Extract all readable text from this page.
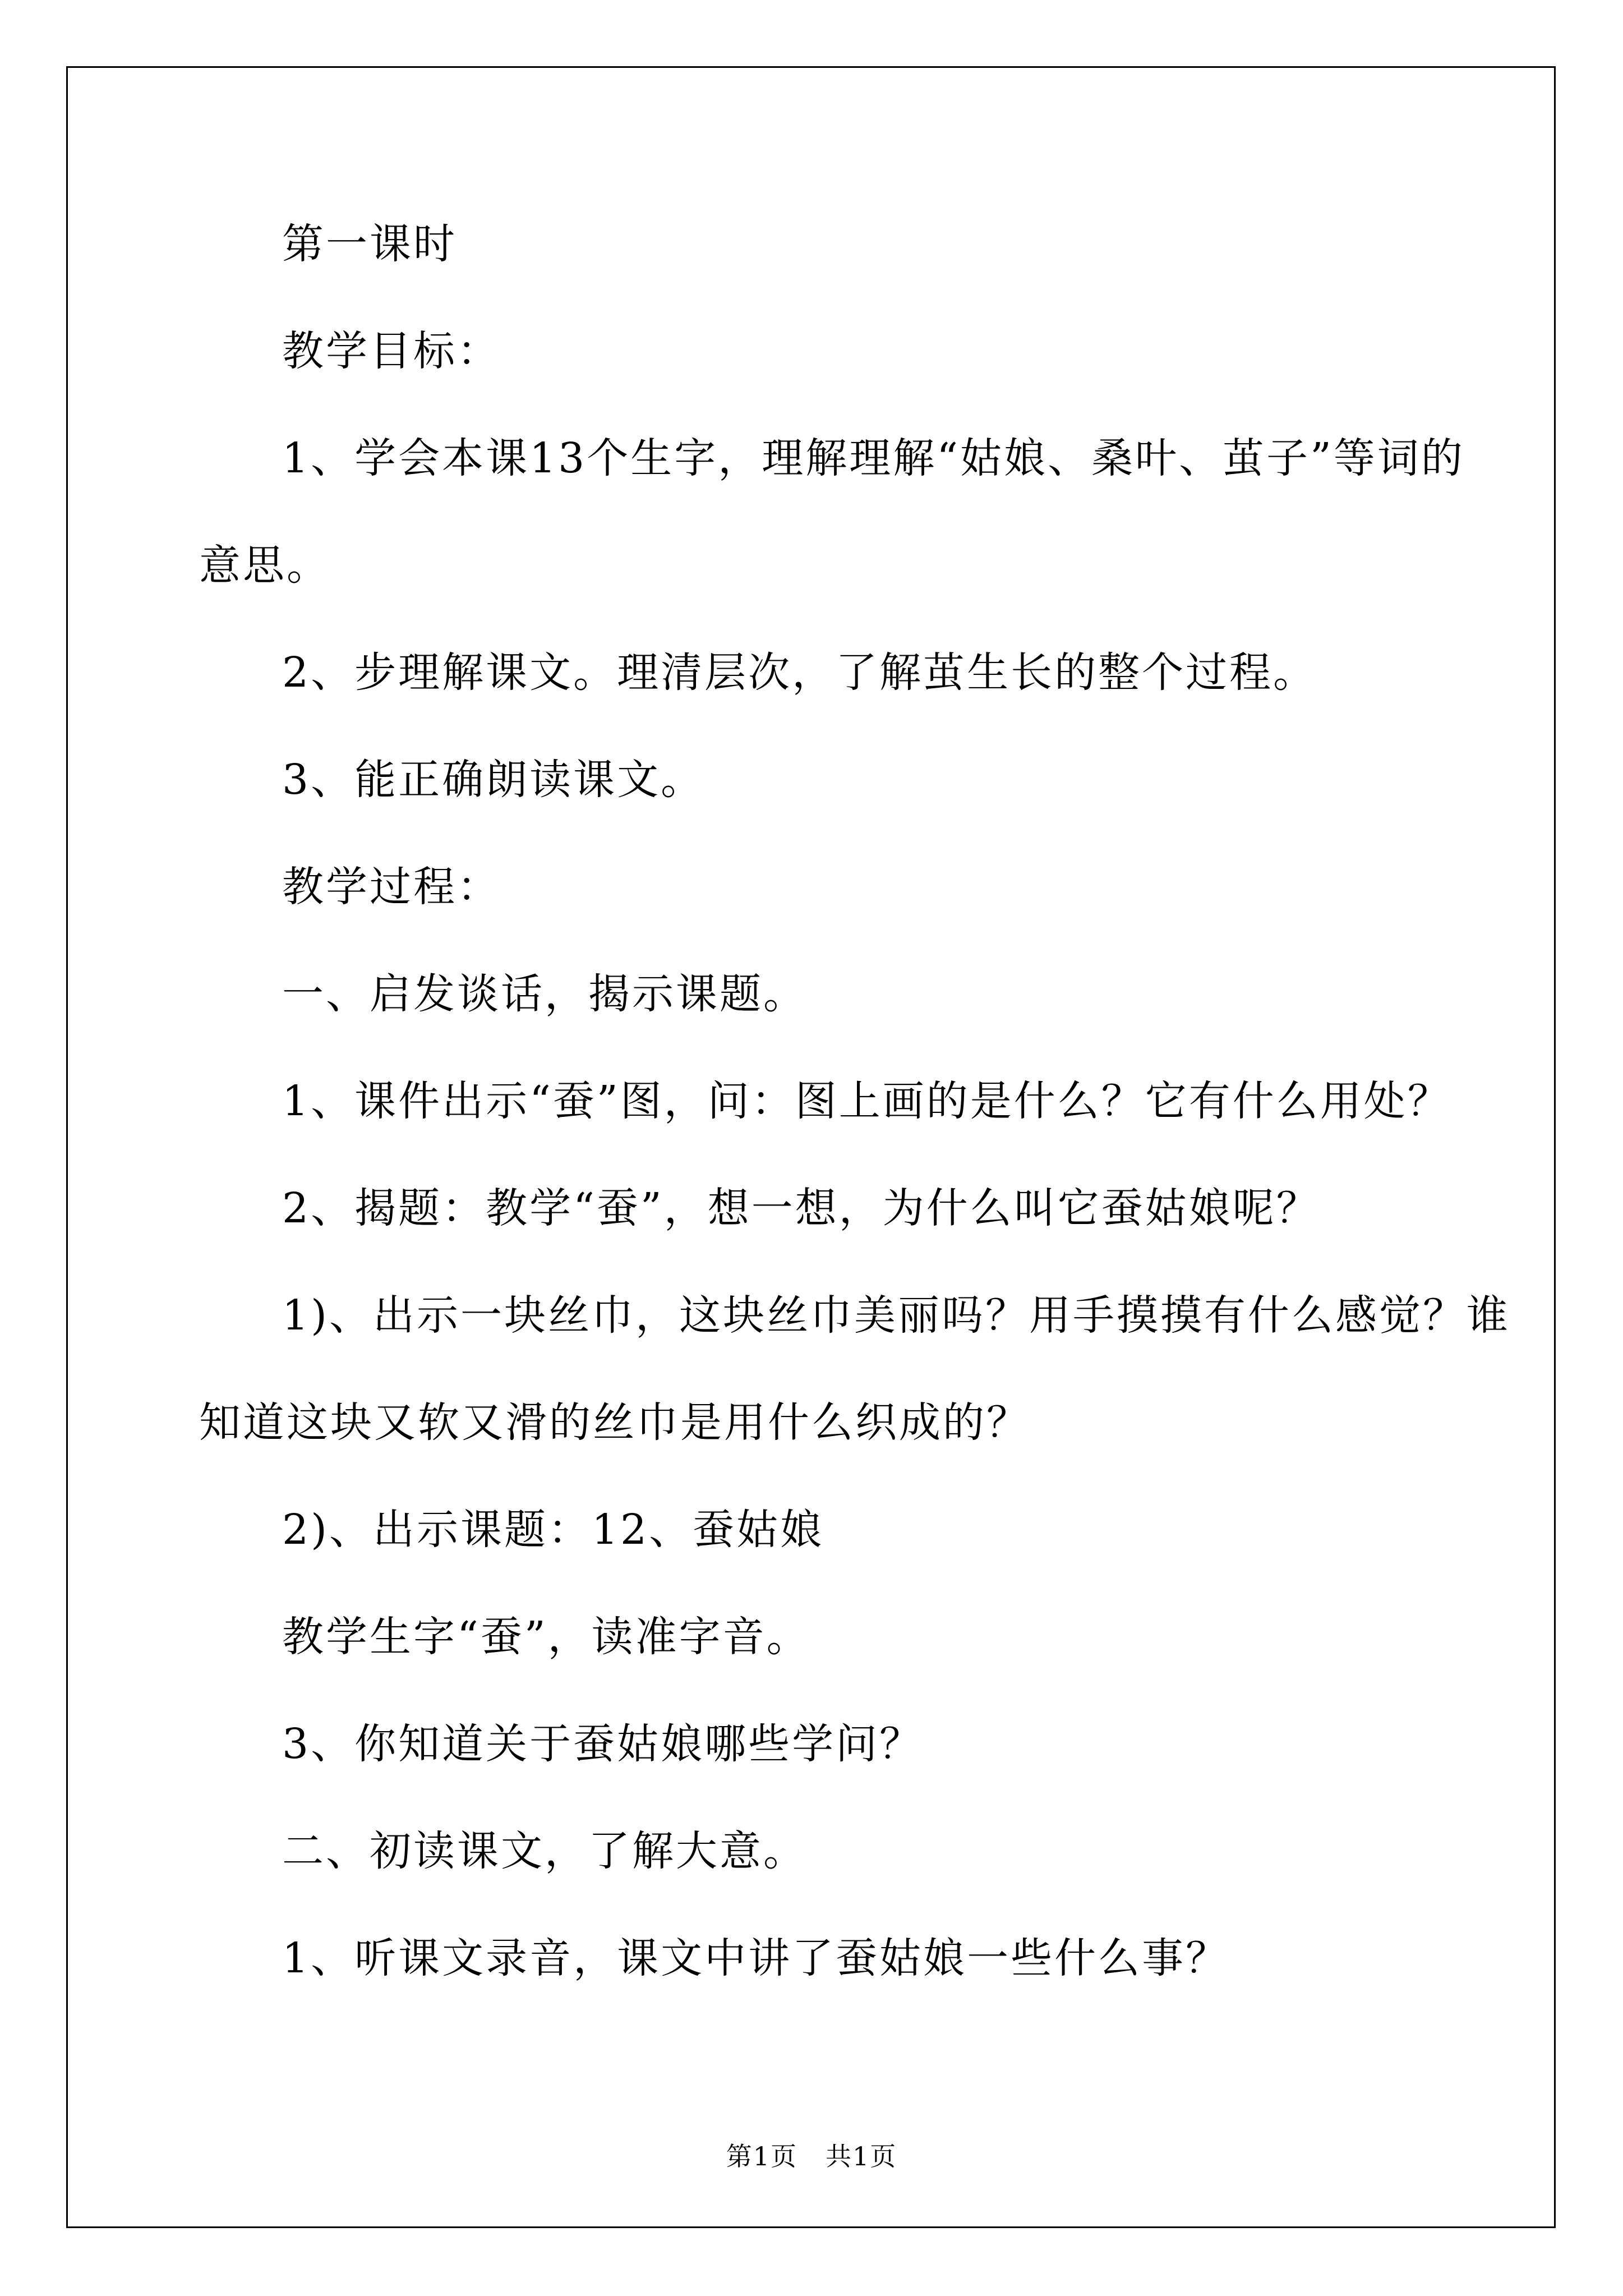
第一课时

教学目标：

1、学会本课13个生字，理解理解“姑娘、桑叶、茧子”等词的

意思。

2、步理解课文。理清层次，了解茧生长的整个过程。

3、能正确朗读课文。

教学过程：

一、启发谈话，揭示课题。

1、课件出示“蚕”图，问：图上画的是什么？它有什么用处？

2、揭题：教学“蚕”，想一想，为什么叫它蚕姑娘呢？

1)、出示一块丝巾，这块丝巾美丽吗？用手摸摸有什么感觉？谁

知道这块又软又滑的丝巾是用什么织成的？

2)、出示课题：12、蚕姑娘

教学生字“蚕”，读准字音。

3、你知道关于蚕姑娘哪些学问？

二、初读课文，了解大意。

1、听课文录音，课文中讲了蚕姑娘一些什么事？

第1页 共1页
